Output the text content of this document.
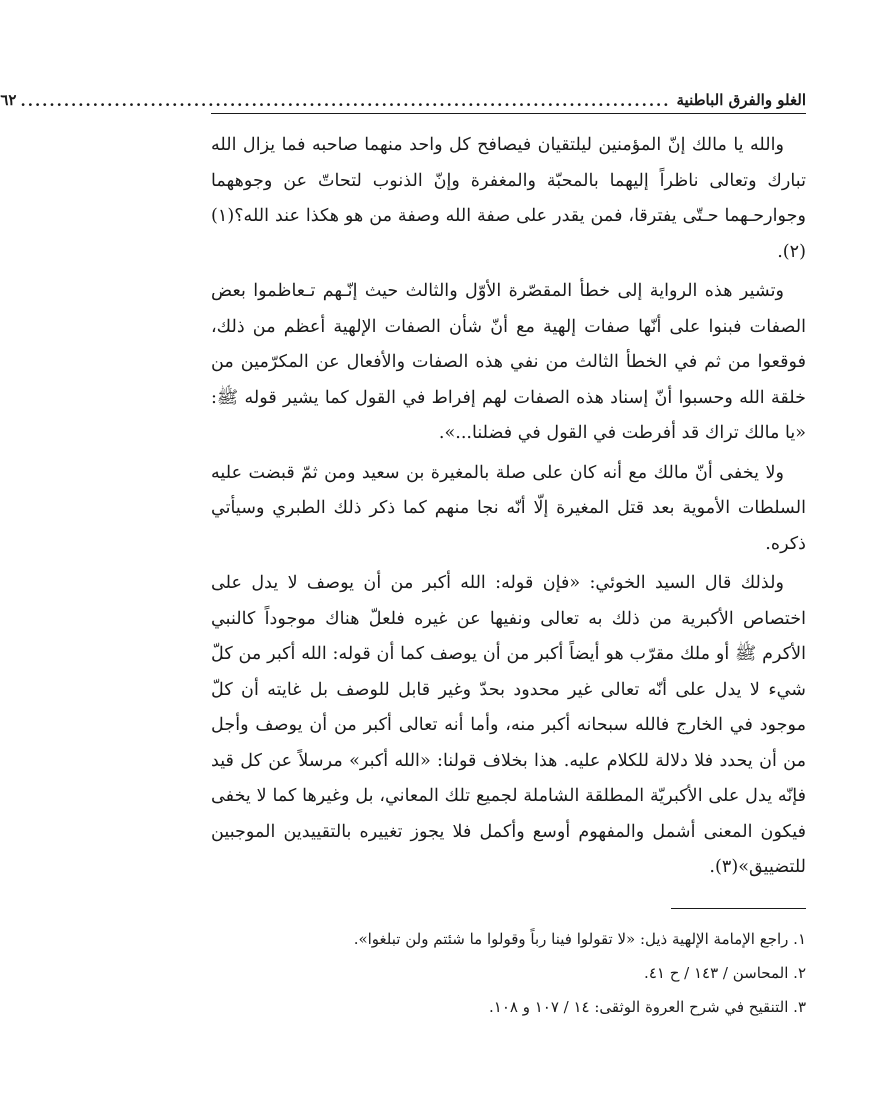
الغلو والفرق الباطنية
..........................................................................................
٦٢

والله يا مالك إنّ المؤمنين ليلتقيان فيصافح كل واحد منهما صاحبه فما يزال الله تبارك وتعالى ناظراً إليهما بالمحبّة والمغفرة وإنّ الذنوب لتحاتّ عن وجوههما وجوارحـهما حـتّى يفترقا، فمن يقدر على صفة الله وصفة من هو هكذا عند الله؟(١)(٢).

وتشير هذه الرواية إلى خطأ المقصّرة الأوّل والثالث حيث إنّـهم تـعاظموا بعض الصفات فبنوا على أنّها صفات إلهية مع أنّ شأن الصفات الإلهية أعظم من ذلك، فوقعوا من ثم في الخطأ الثالث من نفي هذه الصفات والأفعال عن المكرّمين من خلقة الله وحسبوا أنّ إسناد هذه الصفات لهم إفراط في القول كما يشير قوله ﷺ: «يا مالك تراك قد أفرطت في القول في فضلنا...».

ولا يخفى أنّ مالك مع أنه كان على صلة بالمغيرة بن سعيد ومن ثمّ قبضت عليه السلطات الأموية بعد قتل المغيرة إلّا أنّه نجا منهم كما ذكر ذلك الطبري وسيأتي ذكره.

ولذلك قال السيد الخوئي: «فإن قوله: الله أكبر من أن يوصف لا يدل على اختصاص الأكبرية من ذلك به تعالى ونفيها عن غيره فلعلّ هناك موجوداً كالنبي الأكرم ﷺ أو ملك مقرّب هو أيضاً أكبر من أن يوصف كما أن قوله: الله أكبر من كلّ شيء لا يدل على أنّه تعالى غير محدود بحدّ وغير قابل للوصف بل غايته أن كلّ موجود في الخارج فالله سبحانه أكبر منه، وأما أنه تعالى أكبر من أن يوصف وأجل من أن يحدد فلا دلالة للكلام عليه. هذا بخلاف قولنا: «الله أكبر» مرسلاً عن كل قيد فإنّه يدل على الأكبريّة المطلقة الشاملة لجميع تلك المعاني، بل وغيرها كما لا يخفى فيكون المعنى أشمل والمفهوم أوسع وأكمل فلا يجوز تغييره بالتقييدين الموجبين للتضييق»(٣).

١. راجع الإمامة الإلهية ذيل: «لا تقولوا فينا رباً وقولوا ما شئتم ولن تبلغوا».

٢. المحاسن / ١٤٣ / ح ٤١.

٣. التنقيح في شرح العروة الوثقى: ١٤ / ١٠٧ و ١٠٨.
